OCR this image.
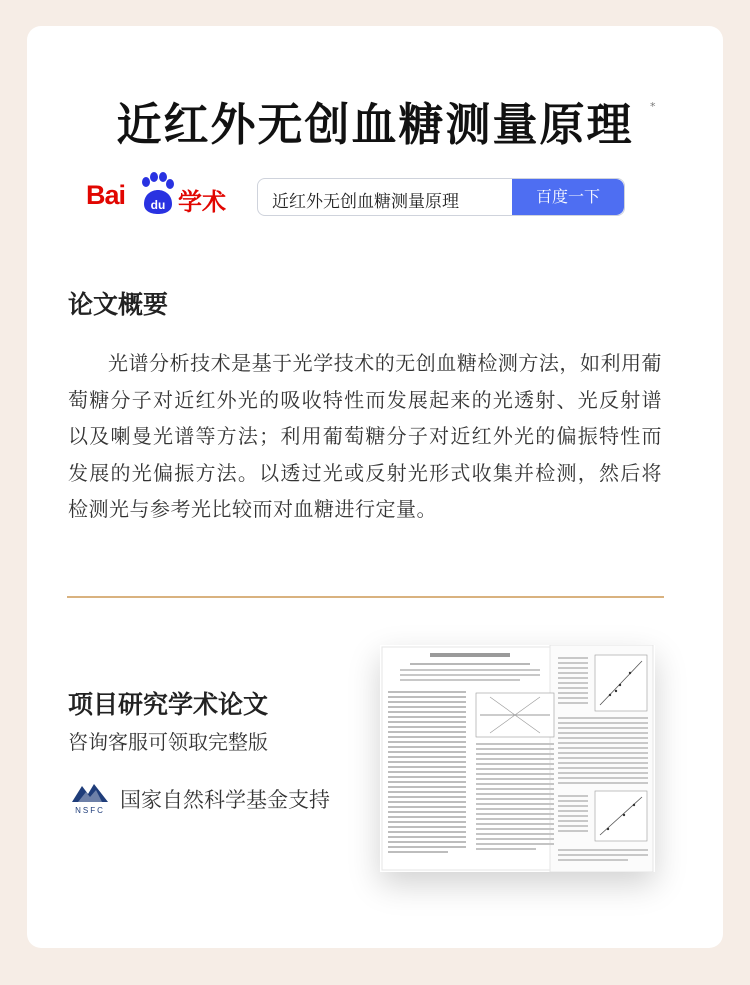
近红外无创血糖测量原理	*
Bai du 学术	近红外无创血糖测量原理	百度一下
论文概要
光谱分析技术是基于光学技术的无创血糖检测方法，如利用葡萄糖分子对近红外光的吸收特性而发展起来的光透射、光反射谱以及喇曼光谱等方法；利用葡萄糖分子对近红外光的偏振特性而发展的光偏振方法。以透过光或反射光形式收集并检测，然后将检测光与参考光比较而对血糖进行定量。
项目研究学术论文
咨询客服可领取完整版
NSFC 国家自然科学基金支持
